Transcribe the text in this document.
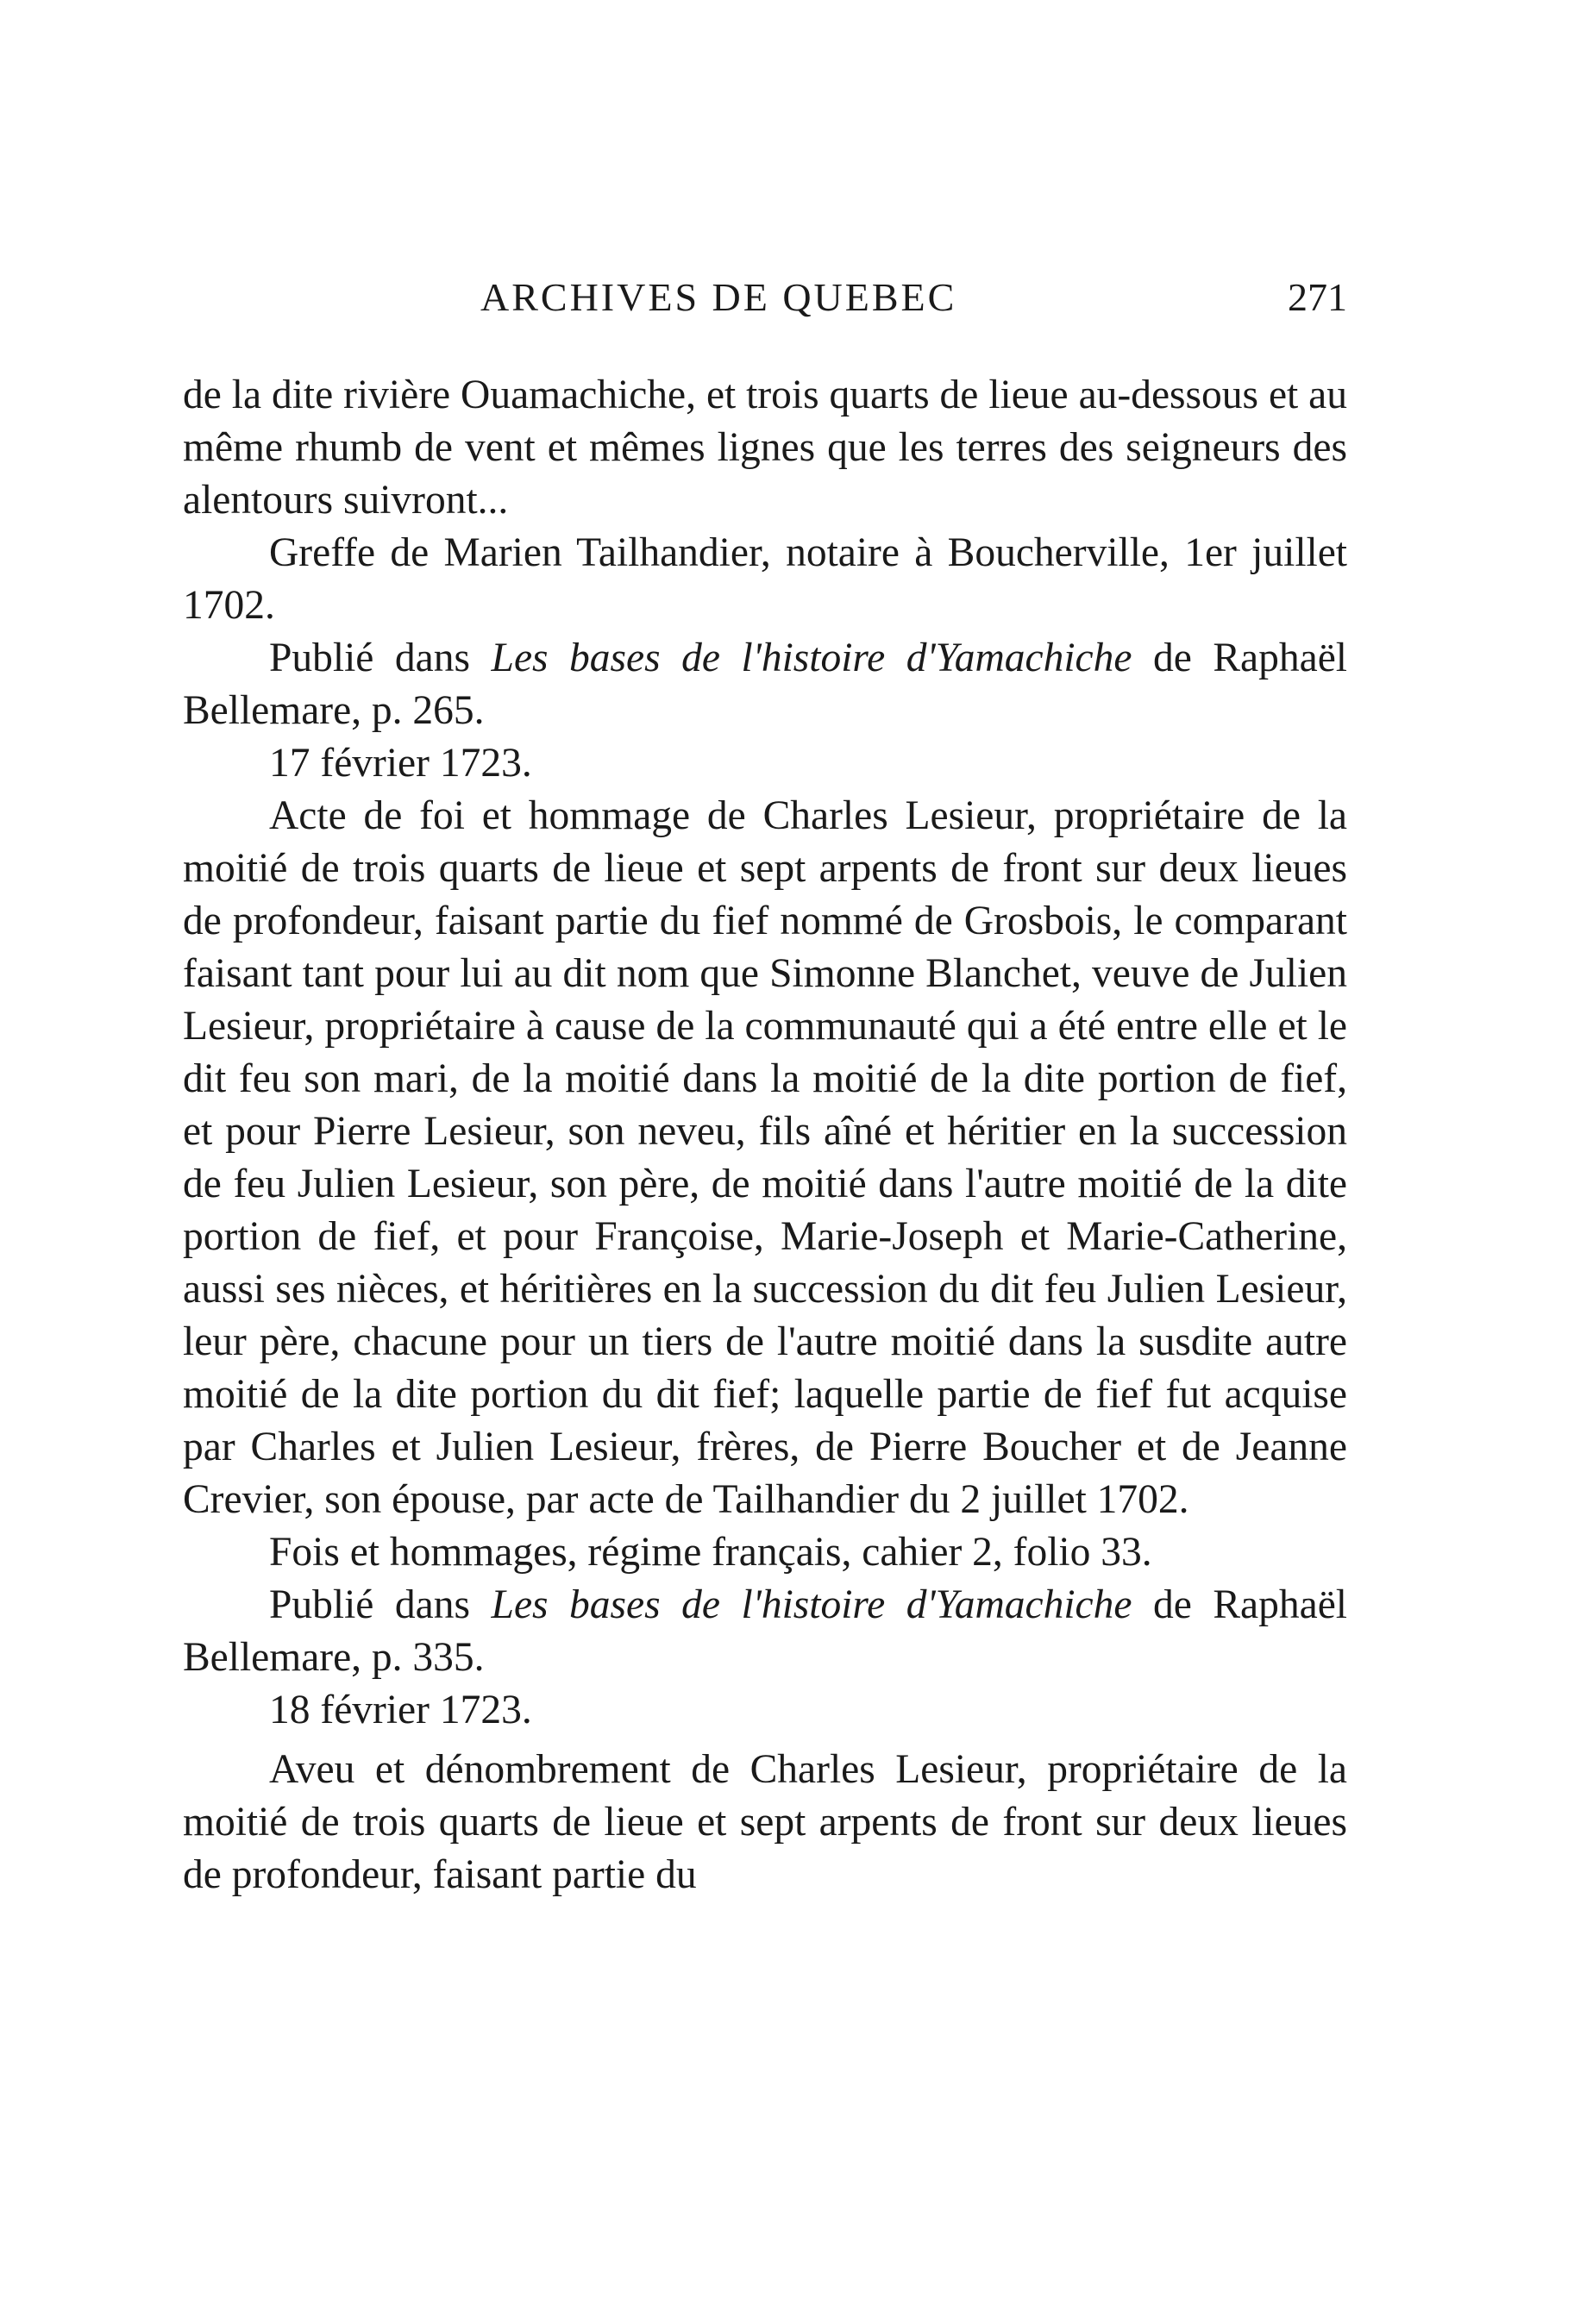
ARCHIVES DE QUEBEC	271

de la dite rivière Ouamachiche, et trois quarts de lieue au-dessous et au même rhumb de vent et mêmes lignes que les terres des seigneurs des alentours suivront...

Greffe de Marien Tailhandier, notaire à Boucherville, 1er juillet 1702.

Publié dans Les bases de l'histoire d'Yamachiche de Raphaël Bellemare, p. 265.

17 février 1723.

Acte de foi et hommage de Charles Lesieur, propriétaire de la moitié de trois quarts de lieue et sept arpents de front sur deux lieues de profondeur, faisant partie du fief nommé de Grosbois, le comparant faisant tant pour lui au dit nom que Simonne Blanchet, veuve de Julien Lesieur, propriétaire à cause de la communauté qui a été entre elle et le dit feu son mari, de la moitié dans la moitié de la dite portion de fief, et pour Pierre Lesieur, son neveu, fils aîné et héritier en la succession de feu Julien Lesieur, son père, de moitié dans l'autre moitié de la dite portion de fief, et pour Françoise, Marie-Joseph et Marie-Catherine, aussi ses nièces, et héritières en la succession du dit feu Julien Lesieur, leur père, chacune pour un tiers de l'autre moitié dans la susdite autre moitié de la dite portion du dit fief; laquelle partie de fief fut acquise par Charles et Julien Lesieur, frères, de Pierre Boucher et de Jeanne Crevier, son épouse, par acte de Tailhandier du 2 juillet 1702.

Fois et hommages, régime français, cahier 2, folio 33.

Publié dans Les bases de l'histoire d'Yamachiche de Raphaël Bellemare, p. 335.

18 février 1723.

Aveu et dénombrement de Charles Lesieur, propriétaire de la moitié de trois quarts de lieue et sept arpents de front sur deux lieues de profondeur, faisant partie du
